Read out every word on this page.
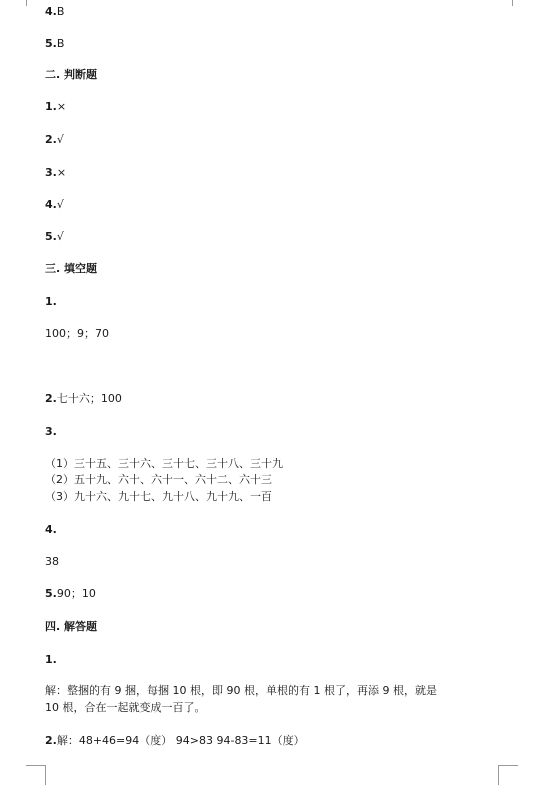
4.B
5.B
二. 判断题
1.×
2.√
3.×
4.√
5.√
三. 填空题
1.
100；9；70
2.七十六；100
3.
（1）三十五、三十六、三十七、三十八、三十九
（2）五十九、六十、六十一、六十二、六十三
（3）九十六、九十七、九十八、九十九、一百
4.
38
5.90；10
四. 解答题
1.
解：整捆的有 9 捆，每捆 10 根，即 90 根，单根的有 1 根了，再添 9 根，就是
10 根，合在一起就变成一百了。
2.解：48+46=94（度） 94>83 94-83=11（度）
